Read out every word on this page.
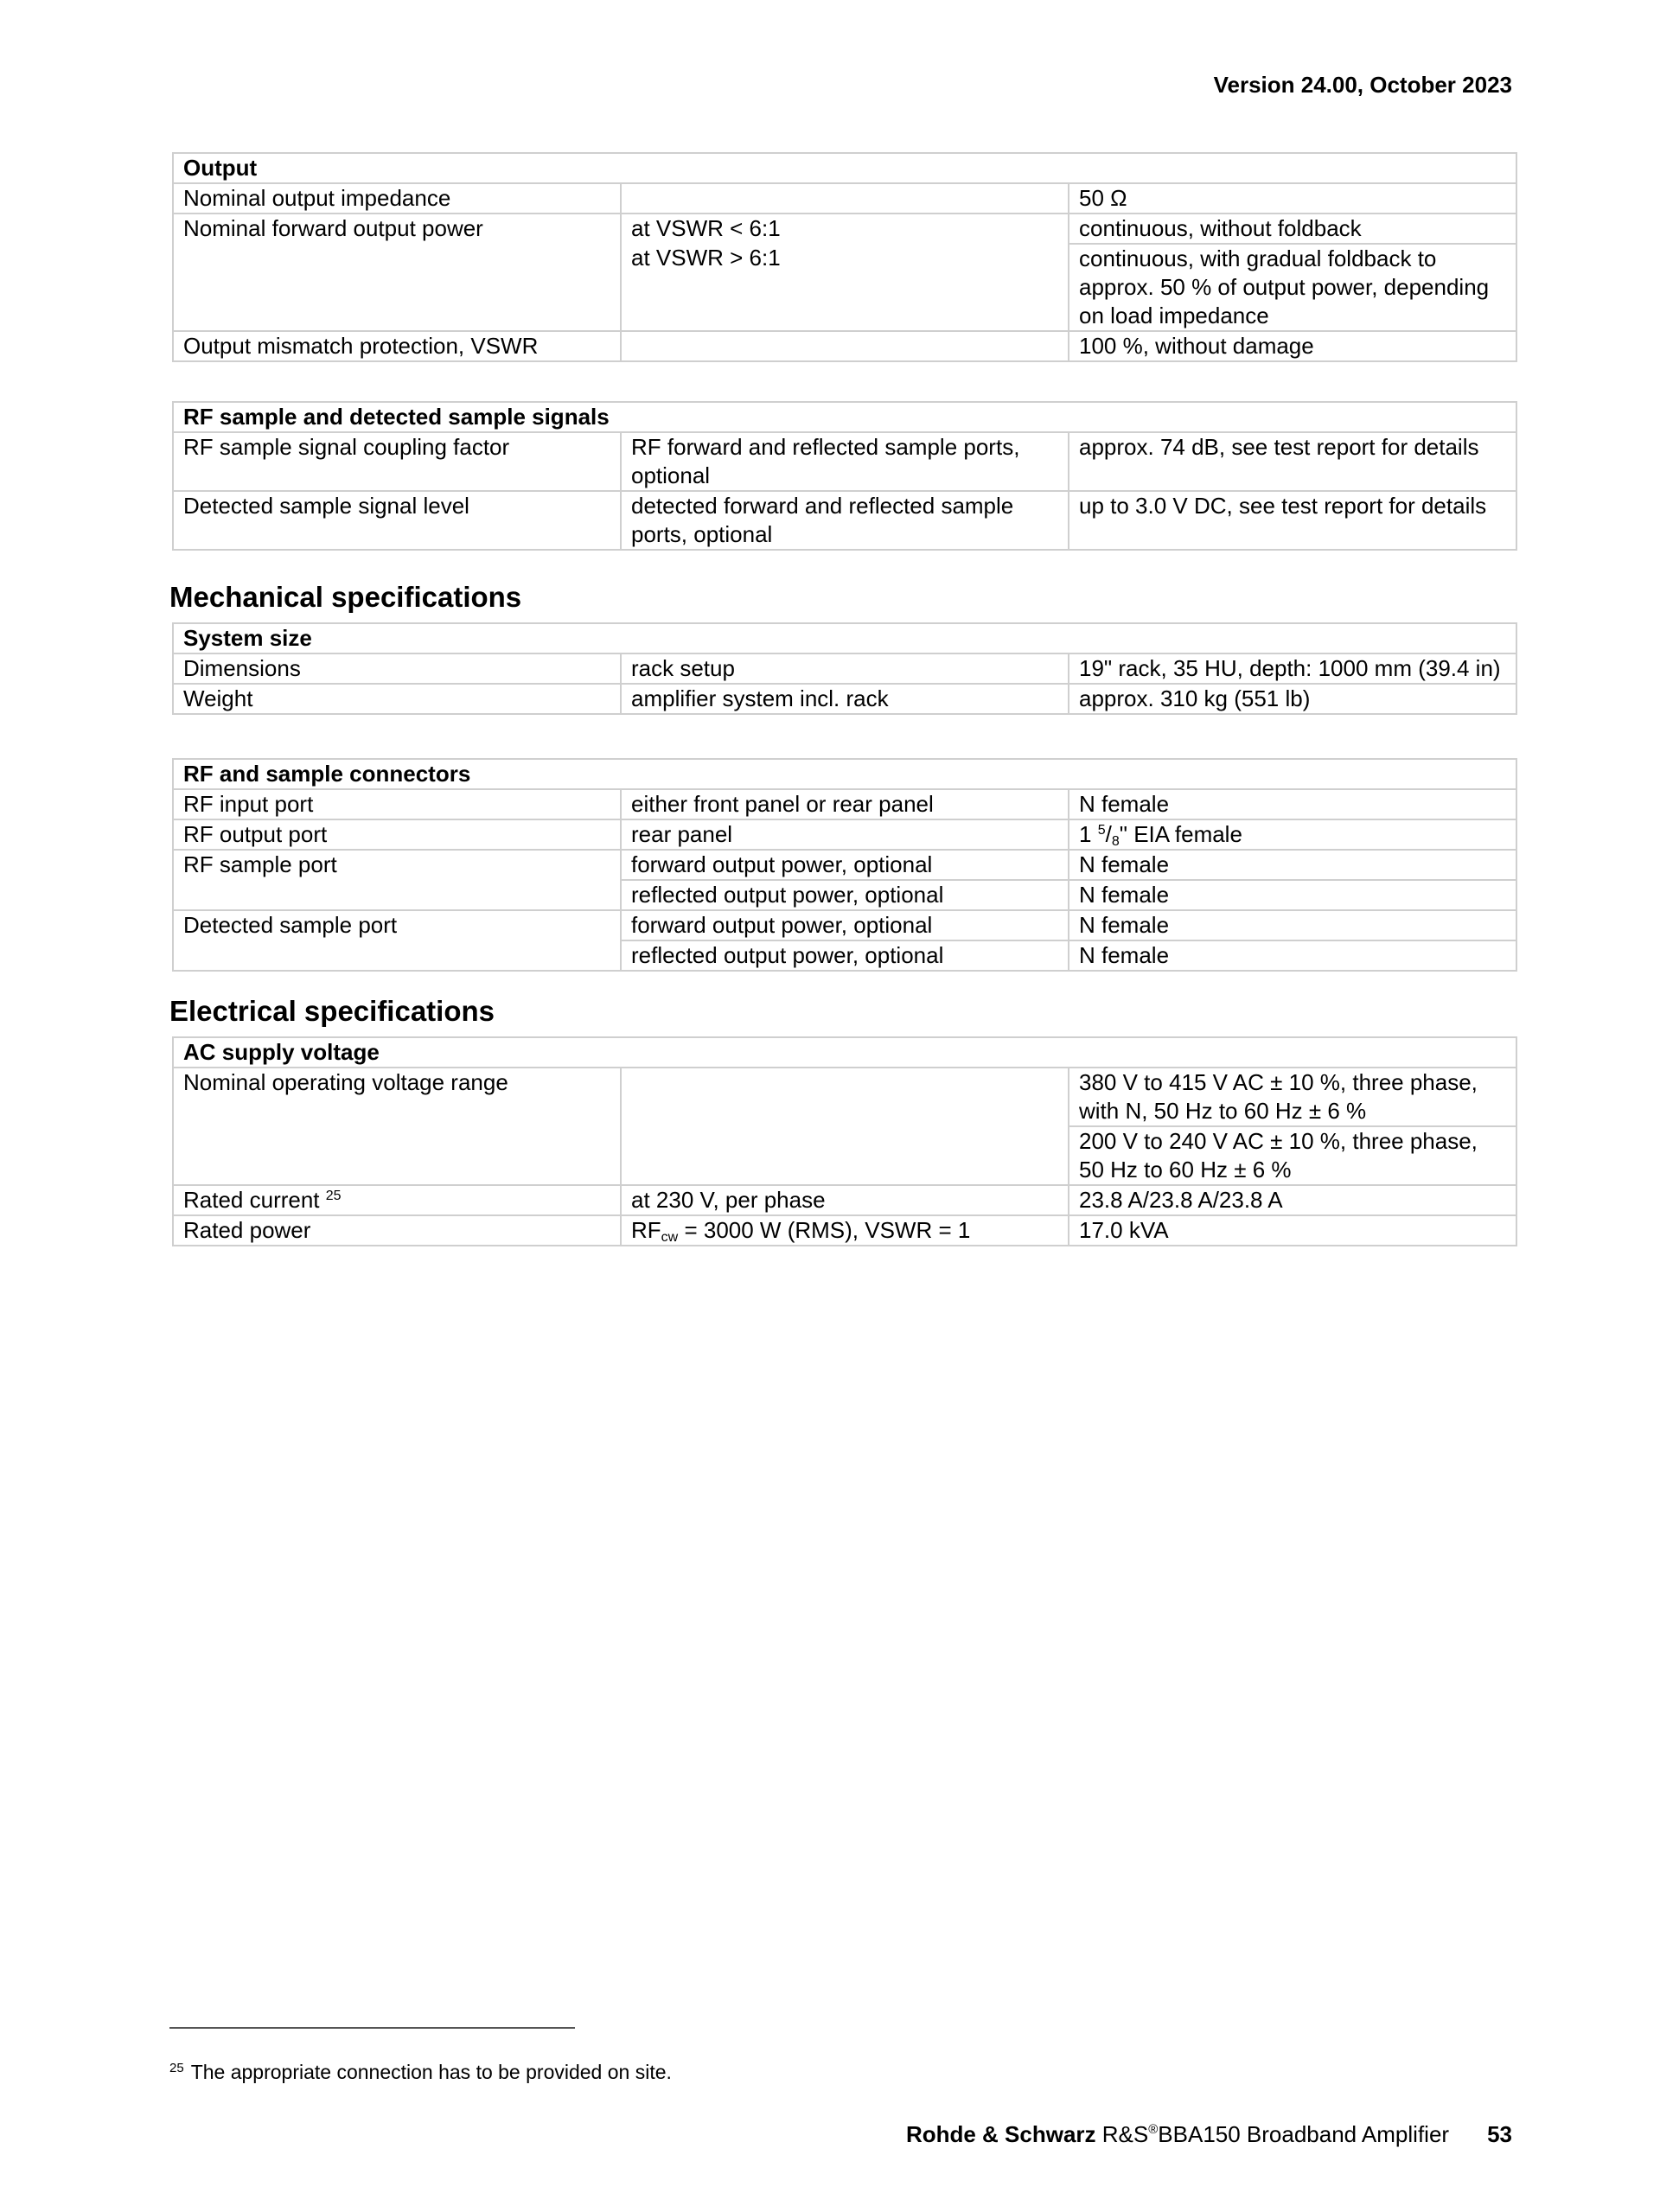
Version 24.00, October 2023
Output		
Nominal output impedance		50 Ω
Nominal forward output power	at VSWR < 6:1	continuous, without foldback
	at VSWR > 6:1	continuous, with gradual foldback to approx. 50 % of output power, depending on load impedance
Output mismatch protection, VSWR		100 %, without damage
RF sample and detected sample signals		
RF sample signal coupling factor	RF forward and reflected sample ports, optional	approx. 74 dB, see test report for details
Detected sample signal level	detected forward and reflected sample ports, optional	up to 3.0 V DC, see test report for details
Mechanical specifications
System size		
Dimensions	rack setup	19" rack, 35 HU, depth: 1000 mm (39.4 in)
Weight	amplifier system incl. rack	approx. 310 kg (551 lb)
RF and sample connectors		
RF input port	either front panel or rear panel	N female
RF output port	rear panel	1 $^5$/8" EIA female
RF sample port	forward output power, optional	N female
	reflected output power, optional	N female
Detected sample port	forward output power, optional	N female
	reflected output power, optional	N female
Electrical specifications
AC supply voltage		
Nominal operating voltage range		380 V to 415 V AC ± 10 %, three phase, with N, 50 Hz to 60 Hz ± 6 %
		200 V to 240 V AC ± 10 %, three phase, 50 Hz to 60 Hz ± 6 %
Rated current $^{25}$	at 230 V, per phase	23.8 A/23.8 A/23.8 A
Rated power	$RF_{cw} = 3000$ W (RMS), VSWR = 1	17.0 kVA
$^{25}$ The appropriate connection has to be provided on site.
Rohde & Schwarz R&S®BBA150 Broadband Amplifier 53
